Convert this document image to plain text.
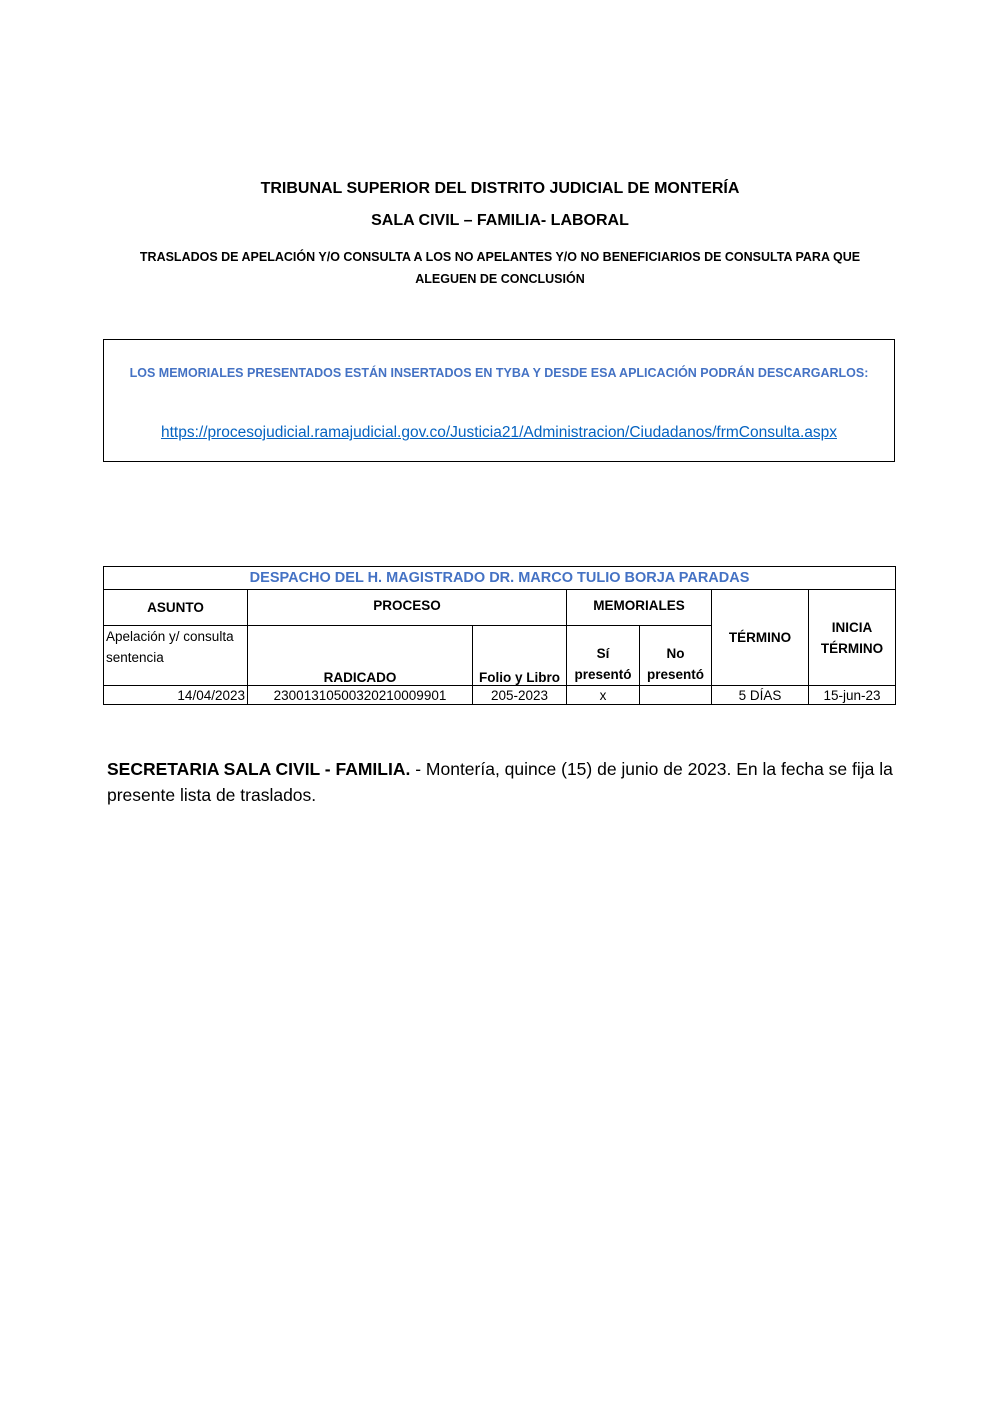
TRIBUNAL SUPERIOR DEL DISTRITO JUDICIAL DE MONTERÍA
SALA CIVIL – FAMILIA- LABORAL
TRASLADOS DE APELACIÓN Y/O CONSULTA A LOS NO APELANTES Y/O NO BENEFICIARIOS DE CONSULTA PARA QUE ALEGUEN DE CONCLUSIÓN
LOS MEMORIALES PRESENTADOS ESTÁN INSERTADOS EN TYBA Y DESDE ESA APLICACIÓN PODRÁN DESCARGARLOS:
https://procesojudicial.ramajudicial.gov.co/Justicia21/Administracion/Ciudadanos/frmConsulta.aspx
DESPACHO DEL H. MAGISTRADO DR. MARCO TULIO BORJA PARADAS						
ASUNTO	PROCESO		MEMORIALES		TÉRMINO	INICIA TÉRMINO
Apelación y/ consulta sentencia	RADICADO	Folio y Libro	Sí presentó	No presentó		
14/04/2023	23001310500320210009901	205-2023	x		5 DÍAS	15-jun-23
SECRETARIA SALA CIVIL - FAMILIA. - Montería, quince (15) de junio de 2023. En la fecha se fija la presente lista de traslados.
